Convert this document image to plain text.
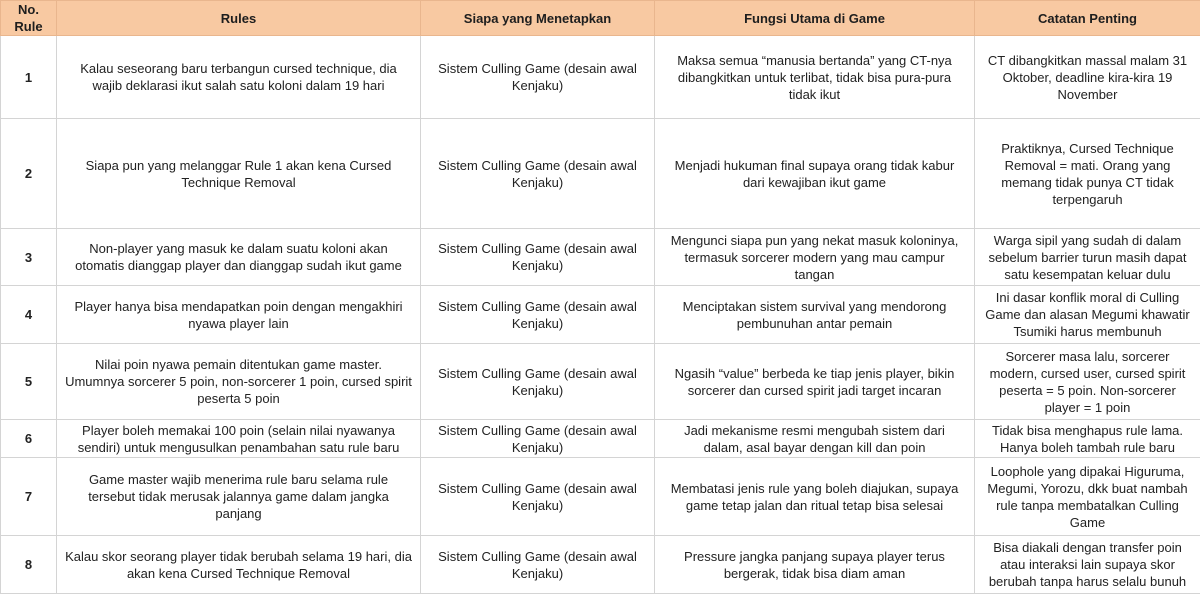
No. Rule	Rules	Siapa yang Menetapkan	Fungsi Utama di Game	Catatan Penting
1	Kalau seseorang baru terbangun cursed technique, dia wajib deklarasi ikut salah satu koloni dalam 19 hari	Sistem Culling Game (desain awal Kenjaku)	Maksa semua “manusia bertanda” yang CT-nya dibangkitkan untuk terlibat, tidak bisa pura-pura tidak ikut	CT dibangkitkan massal malam 31 Oktober, deadline kira-kira 19 November
2	Siapa pun yang melanggar Rule 1 akan kena Cursed Technique Removal	Sistem Culling Game (desain awal Kenjaku)	Menjadi hukuman final supaya orang tidak kabur dari kewajiban ikut game	Praktiknya, Cursed Technique Removal = mati. Orang yang memang tidak punya CT tidak terpengaruh
3	Non-player yang masuk ke dalam suatu koloni akan otomatis dianggap player dan dianggap sudah ikut game	Sistem Culling Game (desain awal Kenjaku)	Mengunci siapa pun yang nekat masuk koloninya, termasuk sorcerer modern yang mau campur tangan	Warga sipil yang sudah di dalam sebelum barrier turun masih dapat satu kesempatan keluar dulu
4	Player hanya bisa mendapatkan poin dengan mengakhiri nyawa player lain	Sistem Culling Game (desain awal Kenjaku)	Menciptakan sistem survival yang mendorong pembunuhan antar pemain	Ini dasar konflik moral di Culling Game dan alasan Megumi khawatir Tsumiki harus membunuh
5	Nilai poin nyawa pemain ditentukan game master. Umumnya sorcerer 5 poin, non-sorcerer 1 poin, cursed spirit peserta 5 poin	Sistem Culling Game (desain awal Kenjaku)	Ngasih “value” berbeda ke tiap jenis player, bikin sorcerer dan cursed spirit jadi target incaran	Sorcerer masa lalu, sorcerer modern, cursed user, cursed spirit peserta = 5 poin. Non-sorcerer player = 1 poin
6	Player boleh memakai 100 poin (selain nilai nyawanya sendiri) untuk mengusulkan penambahan satu rule baru	Sistem Culling Game (desain awal Kenjaku)	Jadi mekanisme resmi mengubah sistem dari dalam, asal bayar dengan kill dan poin	Tidak bisa menghapus rule lama. Hanya boleh tambah rule baru
7	Game master wajib menerima rule baru selama rule tersebut tidak merusak jalannya game dalam jangka panjang	Sistem Culling Game (desain awal Kenjaku)	Membatasi jenis rule yang boleh diajukan, supaya game tetap jalan dan ritual tetap bisa selesai	Loophole yang dipakai Higuruma, Megumi, Yorozu, dkk buat nambah rule tanpa membatalkan Culling Game
8	Kalau skor seorang player tidak berubah selama 19 hari, dia akan kena Cursed Technique Removal	Sistem Culling Game (desain awal Kenjaku)	Pressure jangka panjang supaya player terus bergerak, tidak bisa diam aman	Bisa diakali dengan transfer poin atau interaksi lain supaya skor berubah tanpa harus selalu bunuh
